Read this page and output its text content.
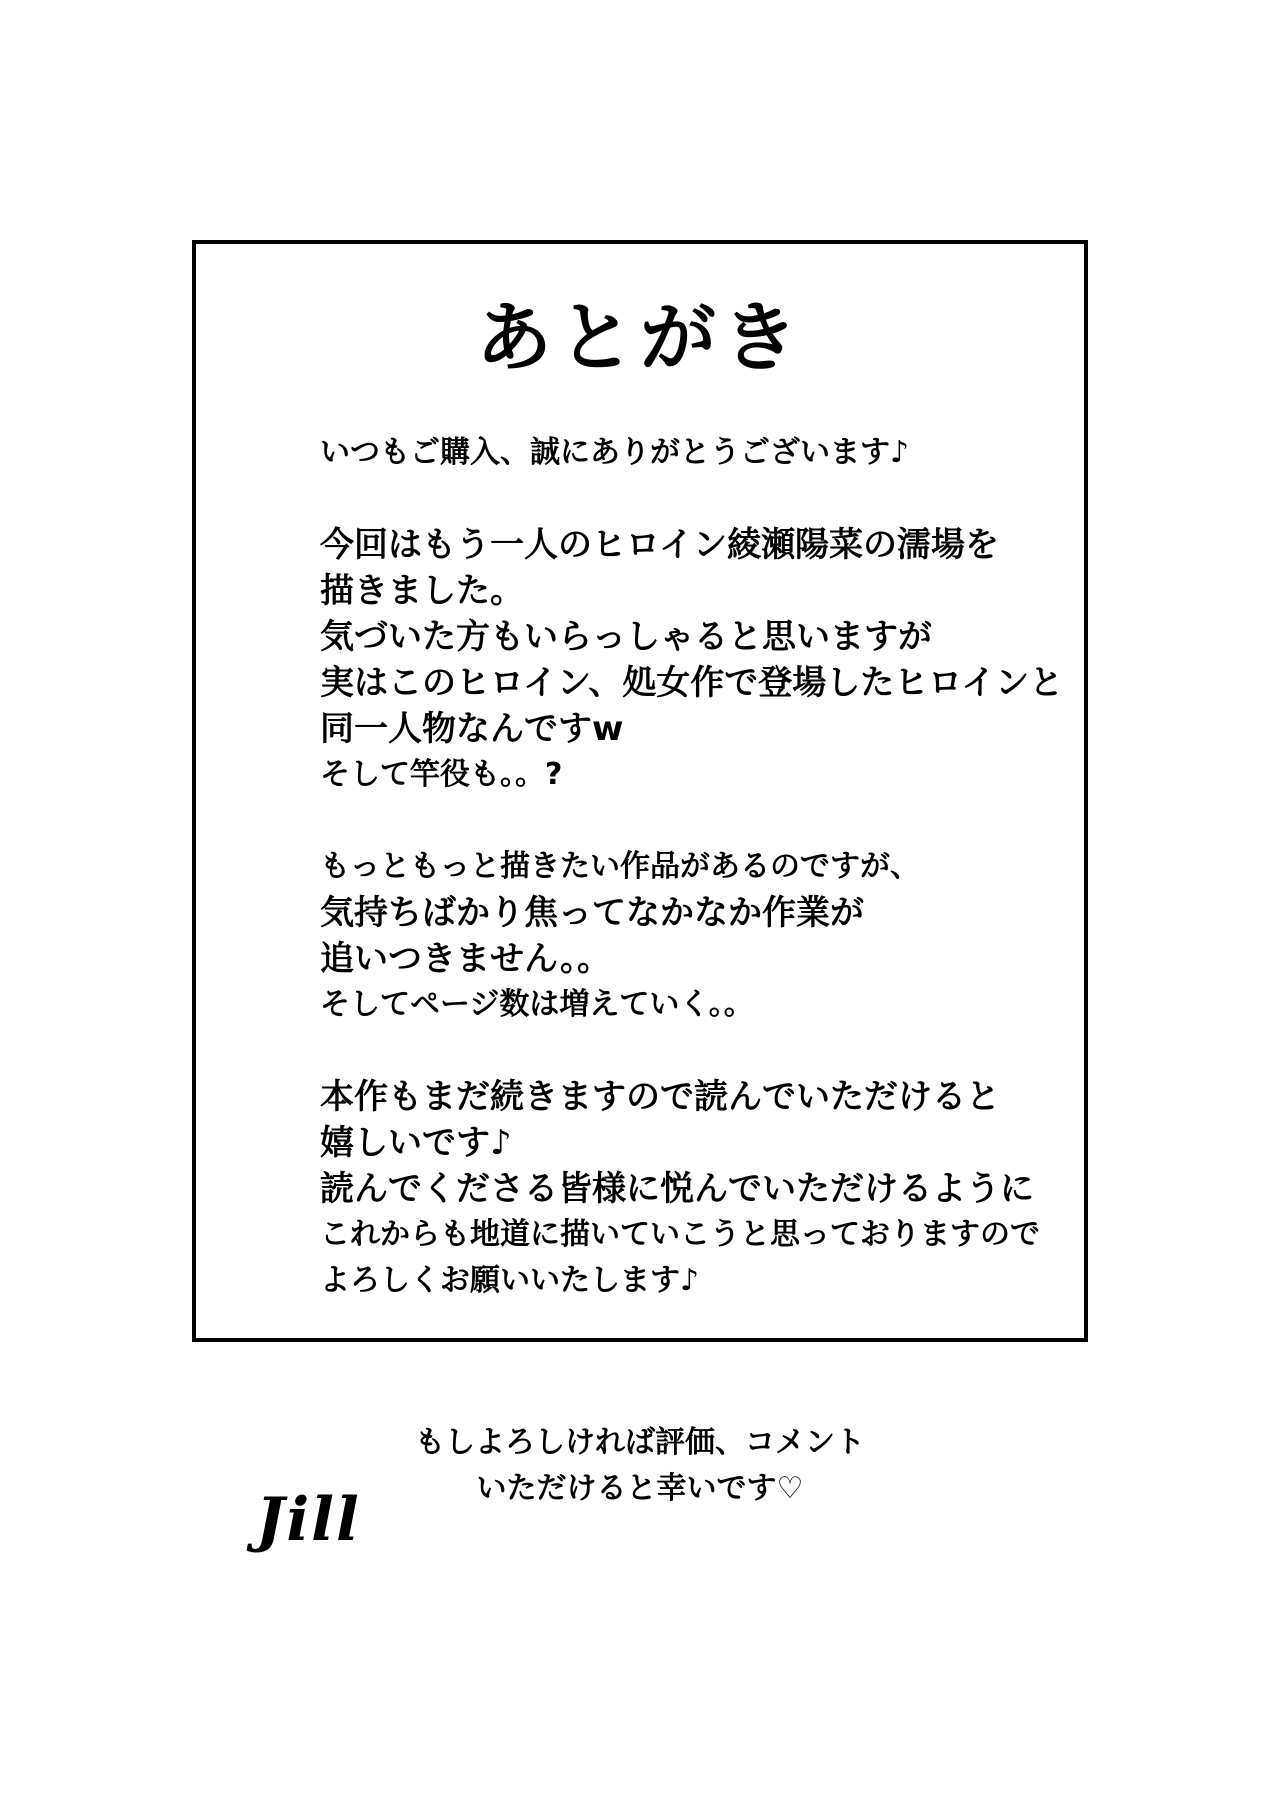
あとがき
いつもご購入、誠にありがとうございます♪
今回はもう一人のヒロイン綾瀬陽菜の濡場を
描きました。
気づいた方もいらっしゃると思いますが
実はこのヒロイン、処女作で登場したヒロインと
同一人物なんですw
そして竿役も。。?
もっともっと描きたい作品があるのですが、
気持ちばかり焦ってなかなか作業が
追いつきません。。
そしてページ数は増えていく。。
本作もまだ続きますので読んでいただけると
嬉しいです♪
読んでくださる皆様に悦んでいただけるように
これからも地道に描いていこうと思っておりますので
よろしくお願いいたします♪
もしよろしければ評価、コメント
いただけると幸いです♡
Jill
